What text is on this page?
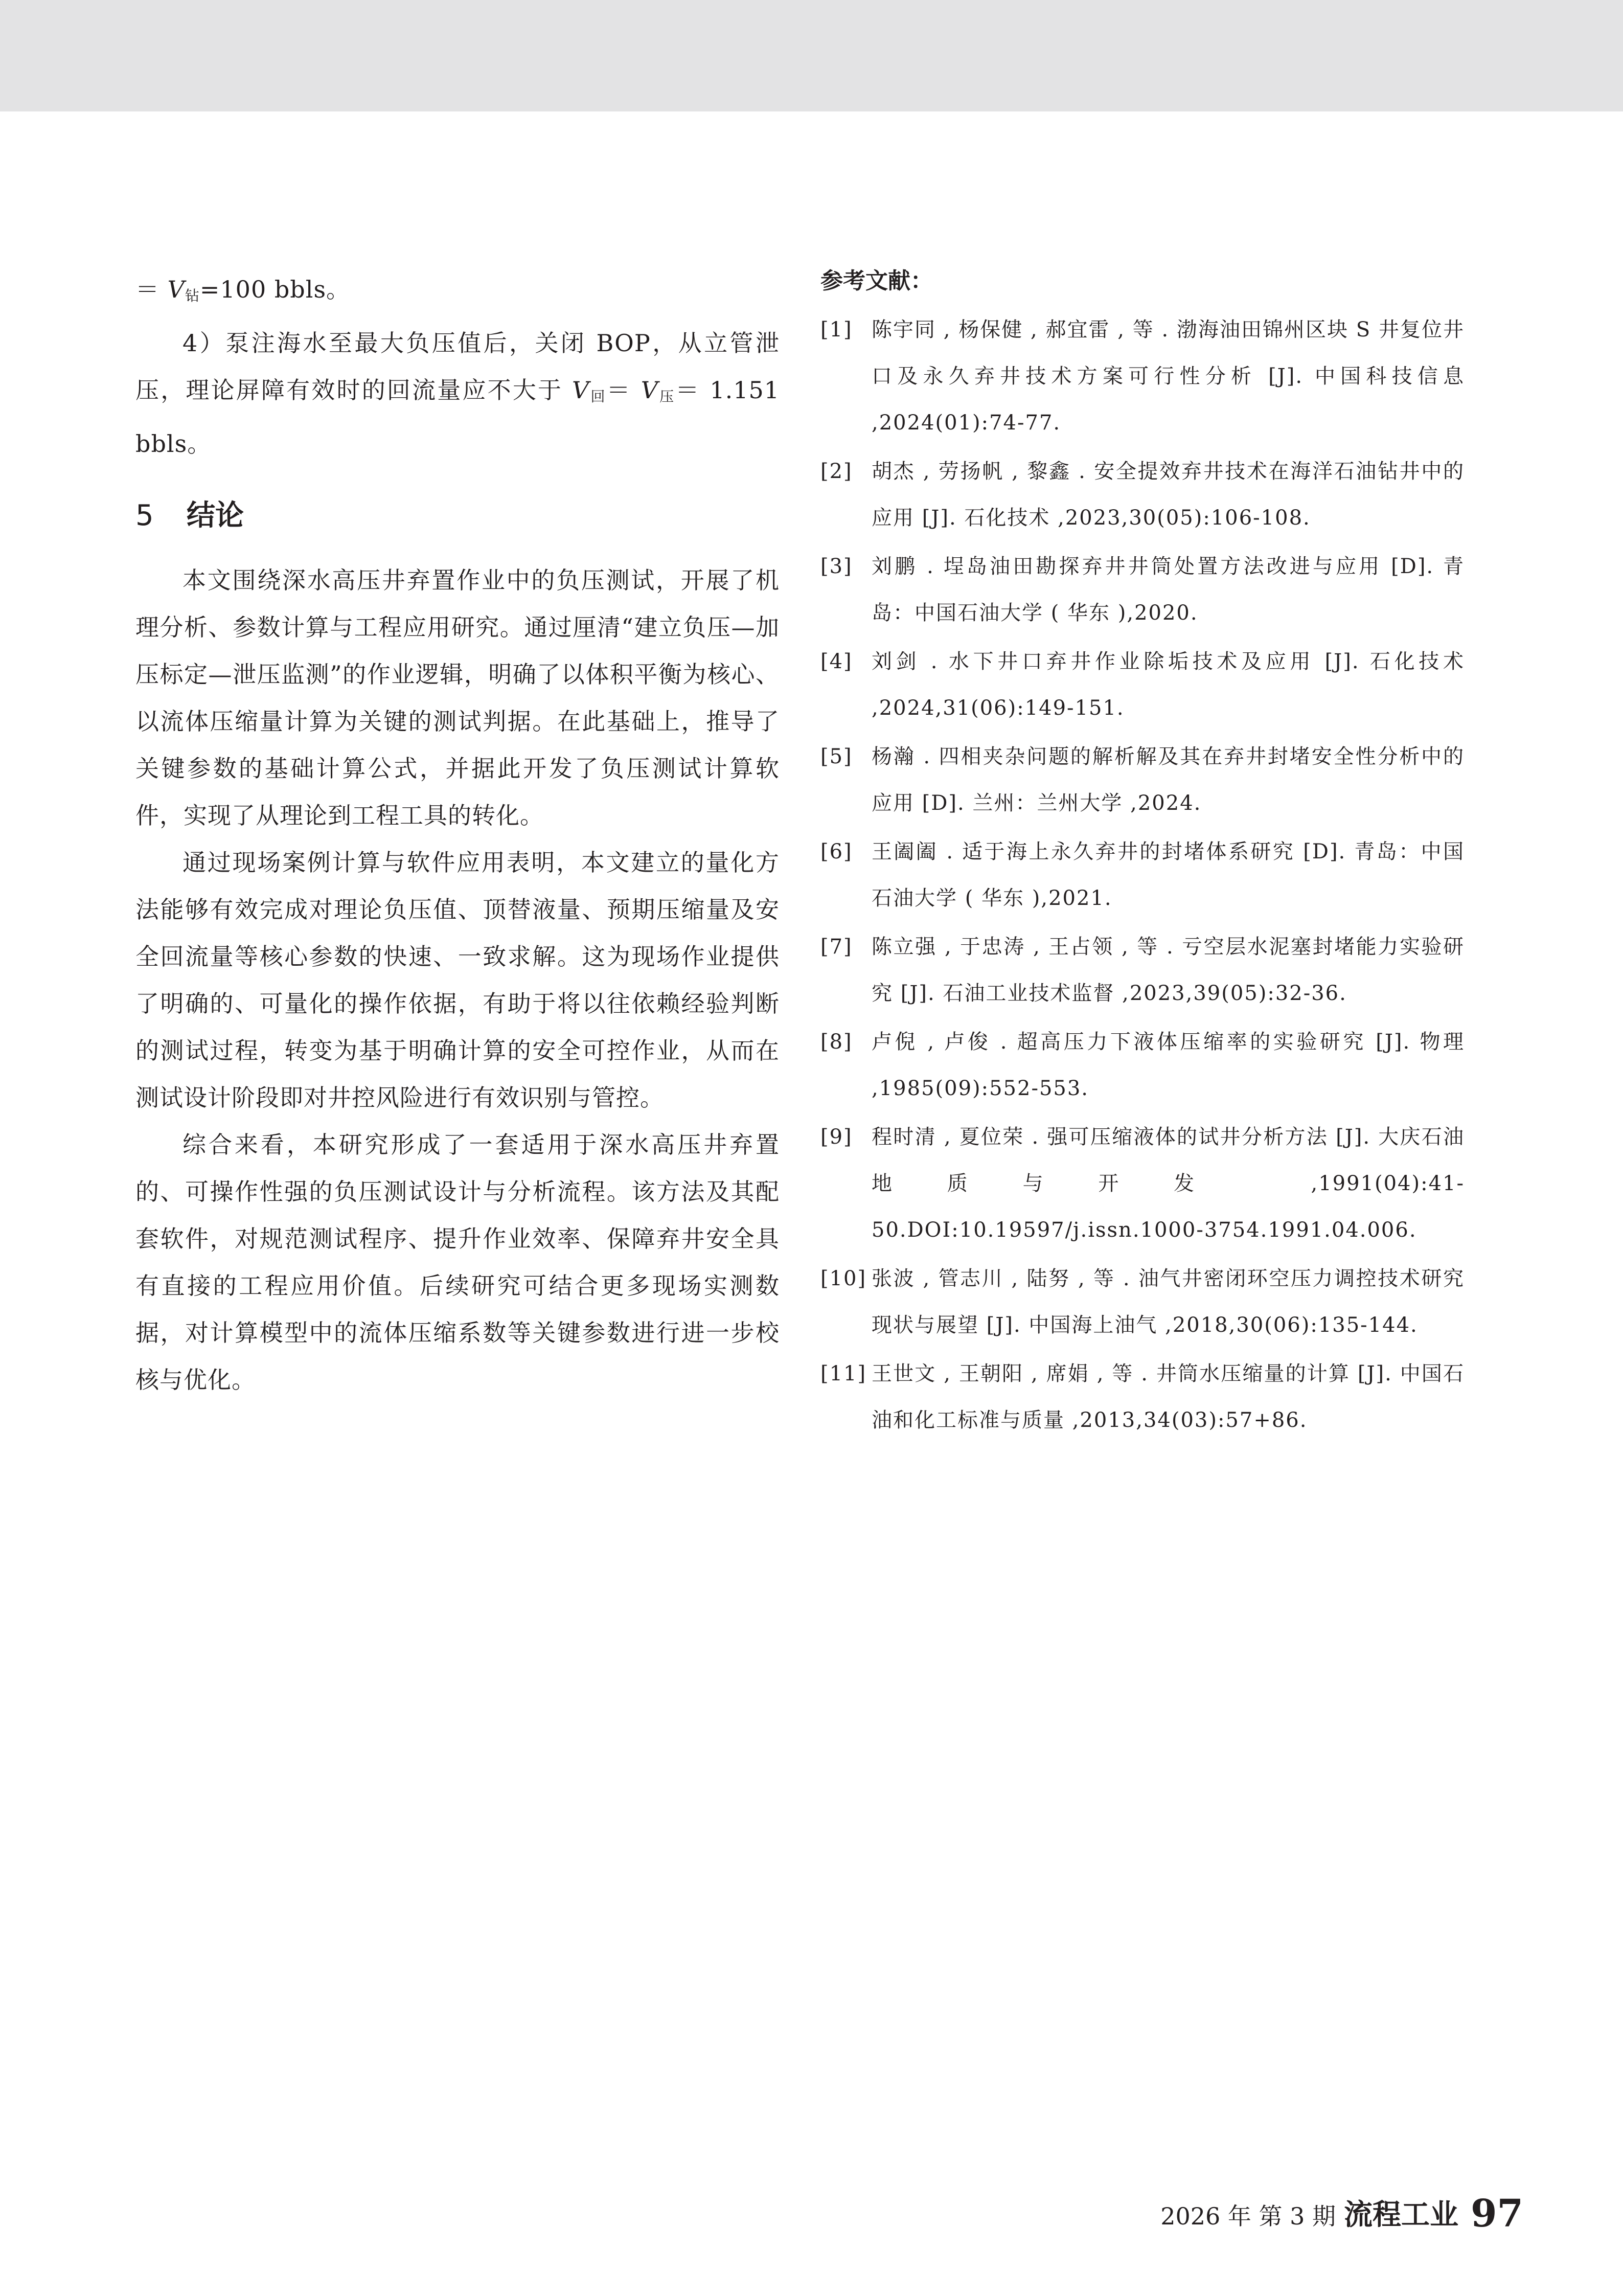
＝ $V_钻=100$ bbls。

4）泵注海水至最大负压值后，关闭 BOP，从立管泄压，理论屏障有效时的回流量应不大于 $V_回= V_压= 1.151$ bbls。

5 结论

本文围绕深水高压井弃置作业中的负压测试，开展了机理分析、参数计算与工程应用研究。通过厘清“建立负压—加压标定—泄压监测”的作业逻辑，明确了以体积平衡为核心、以流体压缩量计算为关键的测试判据。在此基础上，推导了关键参数的基础计算公式，并据此开发了负压测试计算软件，实现了从理论到工程工具的转化。

通过现场案例计算与软件应用表明，本文建立的量化方法能够有效完成对理论负压值、顶替液量、预期压缩量及安全回流量等核心参数的快速、一致求解。这为现场作业提供了明确的、可量化的操作依据，有助于将以往依赖经验判断的测试过程，转变为基于明确计算的安全可控作业，从而在测试设计阶段即对井控风险进行有效识别与管控。

综合来看，本研究形成了一套适用于深水高压井弃置的、可操作性强的负压测试设计与分析流程。该方法及其配套软件，对规范测试程序、提升作业效率、保障弃井安全具有直接的工程应用价值。后续研究可结合更多现场实测数据，对计算模型中的流体压缩系数等关键参数进行进一步校核与优化。

参考文献：
[1] 陈宇同 , 杨保健 , 郝宜雷 , 等 . 渤海油田锦州区块 S 井复位井口及永久弃井技术方案可行性分析 [J]. 中国科技信息 ,2024(01):74-77.
[2] 胡杰 , 劳扬帆 , 黎鑫 . 安全提效弃井技术在海洋石油钻井中的应用 [J]. 石化技术 ,2023,30(05):106-108.
[3] 刘鹏 . 埕岛油田勘探弃井井筒处置方法改进与应用 [D]. 青岛：中国石油大学 ( 华东 ),2020.
[4] 刘剑 . 水下井口弃井作业除垢技术及应用 [J]. 石化技术 ,2024,31(06):149-151.
[5] 杨瀚 . 四相夹杂问题的解析解及其在弃井封堵安全性分析中的应用 [D]. 兰州：兰州大学 ,2024.
[6] 王阖阖 . 适于海上永久弃井的封堵体系研究 [D]. 青岛：中国石油大学 ( 华东 ),2021.
[7] 陈立强 , 于忠涛 , 王占领 , 等 . 亏空层水泥塞封堵能力实验研究 [J]. 石油工业技术监督 ,2023,39(05):32-36.
[8] 卢倪 , 卢俊 . 超高压力下液体压缩率的实验研究 [J]. 物理 ,1985(09):552-553.
[9] 程时清 , 夏位荣 . 强可压缩液体的试井分析方法 [J]. 大庆石油地质与开发 ,1991(04):41-50.DOI:10.19597/j.issn.1000-3754.1991.04.006.
[10] 张波 , 管志川 , 陆努 , 等 . 油气井密闭环空压力调控技术研究现状与展望 [J]. 中国海上油气 ,2018,30(06):135-144.
[11] 王世文 , 王朝阳 , 席娟 , 等 . 井筒水压缩量的计算 [J]. 中国石油和化工标准与质量 ,2013,34(03):57+86.
2026 年 第 3 期 流程工业 97
